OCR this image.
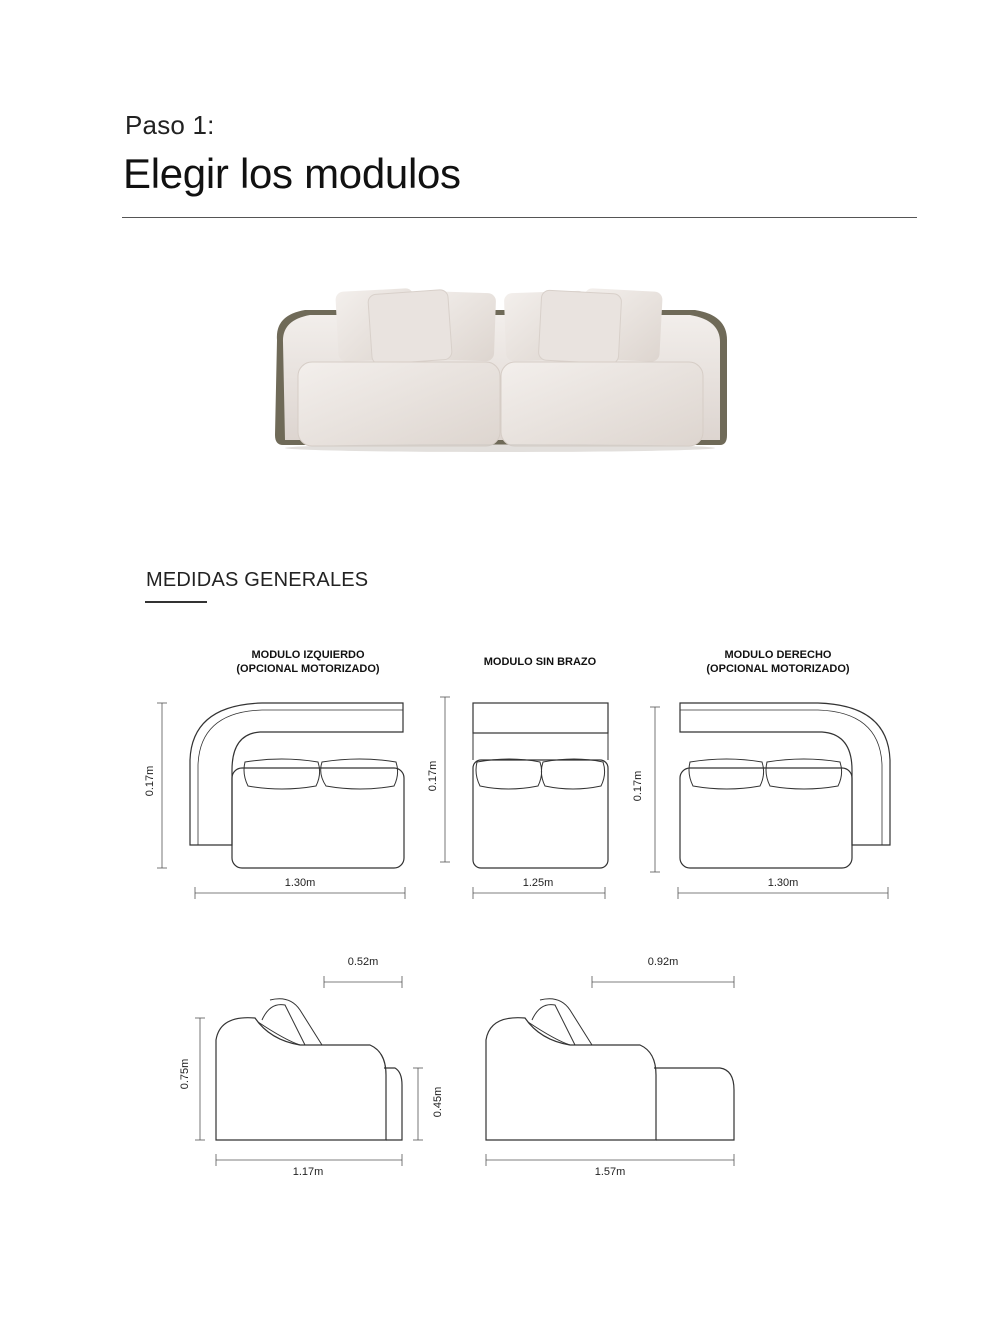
Paso 1:
Elegir los modulos
MEDIDAS GENERALES
MODULO IZQUIERDO
(OPCIONAL MOTORIZADO)
MODULO SIN BRAZO
MODULO DERECHO
(OPCIONAL MOTORIZADO)
0.17m
1.30m
0.17m
1.25m
0.17m
1.30m
0.52m
0.75m
0.45m
1.17m
0.92m
1.57m
